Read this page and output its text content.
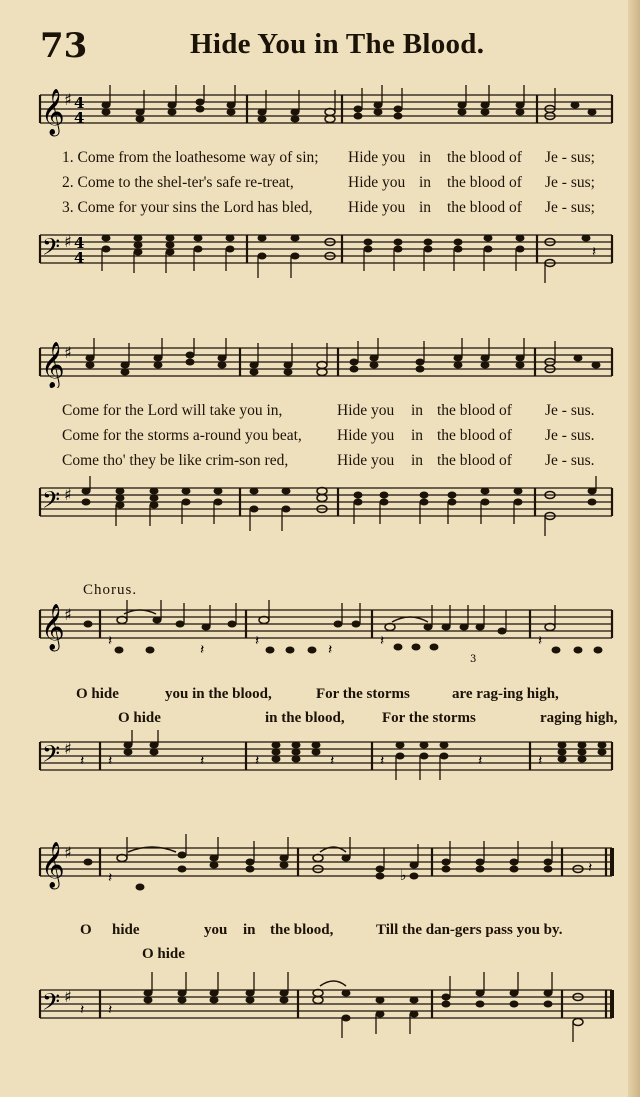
73	Hide You in The Blood.
𝄞 ♯ 4
4
1. Come from the loathesome way of sin; Hide you in the blood of Je - sus;
2. Come to the shel-ter's safe re-treat,	Hide you in the blood of Je - sus;
3. Come for your sins the Lord has bled, Hide you in the blood of Je - sus;
𝄢 ♯ 4
4	𝄽
𝄞 ♯
Come for the Lord will take you in,	Hide you in the blood of Je - sus.
Come for the storms a-round you beat, Hide you in the blood of Je - sus.
Come tho' they be like crim-son red,	Hide you in the blood of Je - sus.
𝄢 ♯
Chorus.
𝄞 ♯
𝄽	𝄽
𝄽	𝄽	𝄽	𝄽
3
O hide	you in the blood,	For the storms	are rag-ing high,
O hide	in the blood, For the storms	raging high,
𝄢 ♯
𝄽 𝄽	𝄽	𝄽	𝄽	𝄽	𝄽	𝄽
𝄞 ♯
𝄽
𝄽
♭
O hide	you in the blood,	Till the dan-gers pass you by.
O hide
𝄢 ♯
𝄽 𝄽
